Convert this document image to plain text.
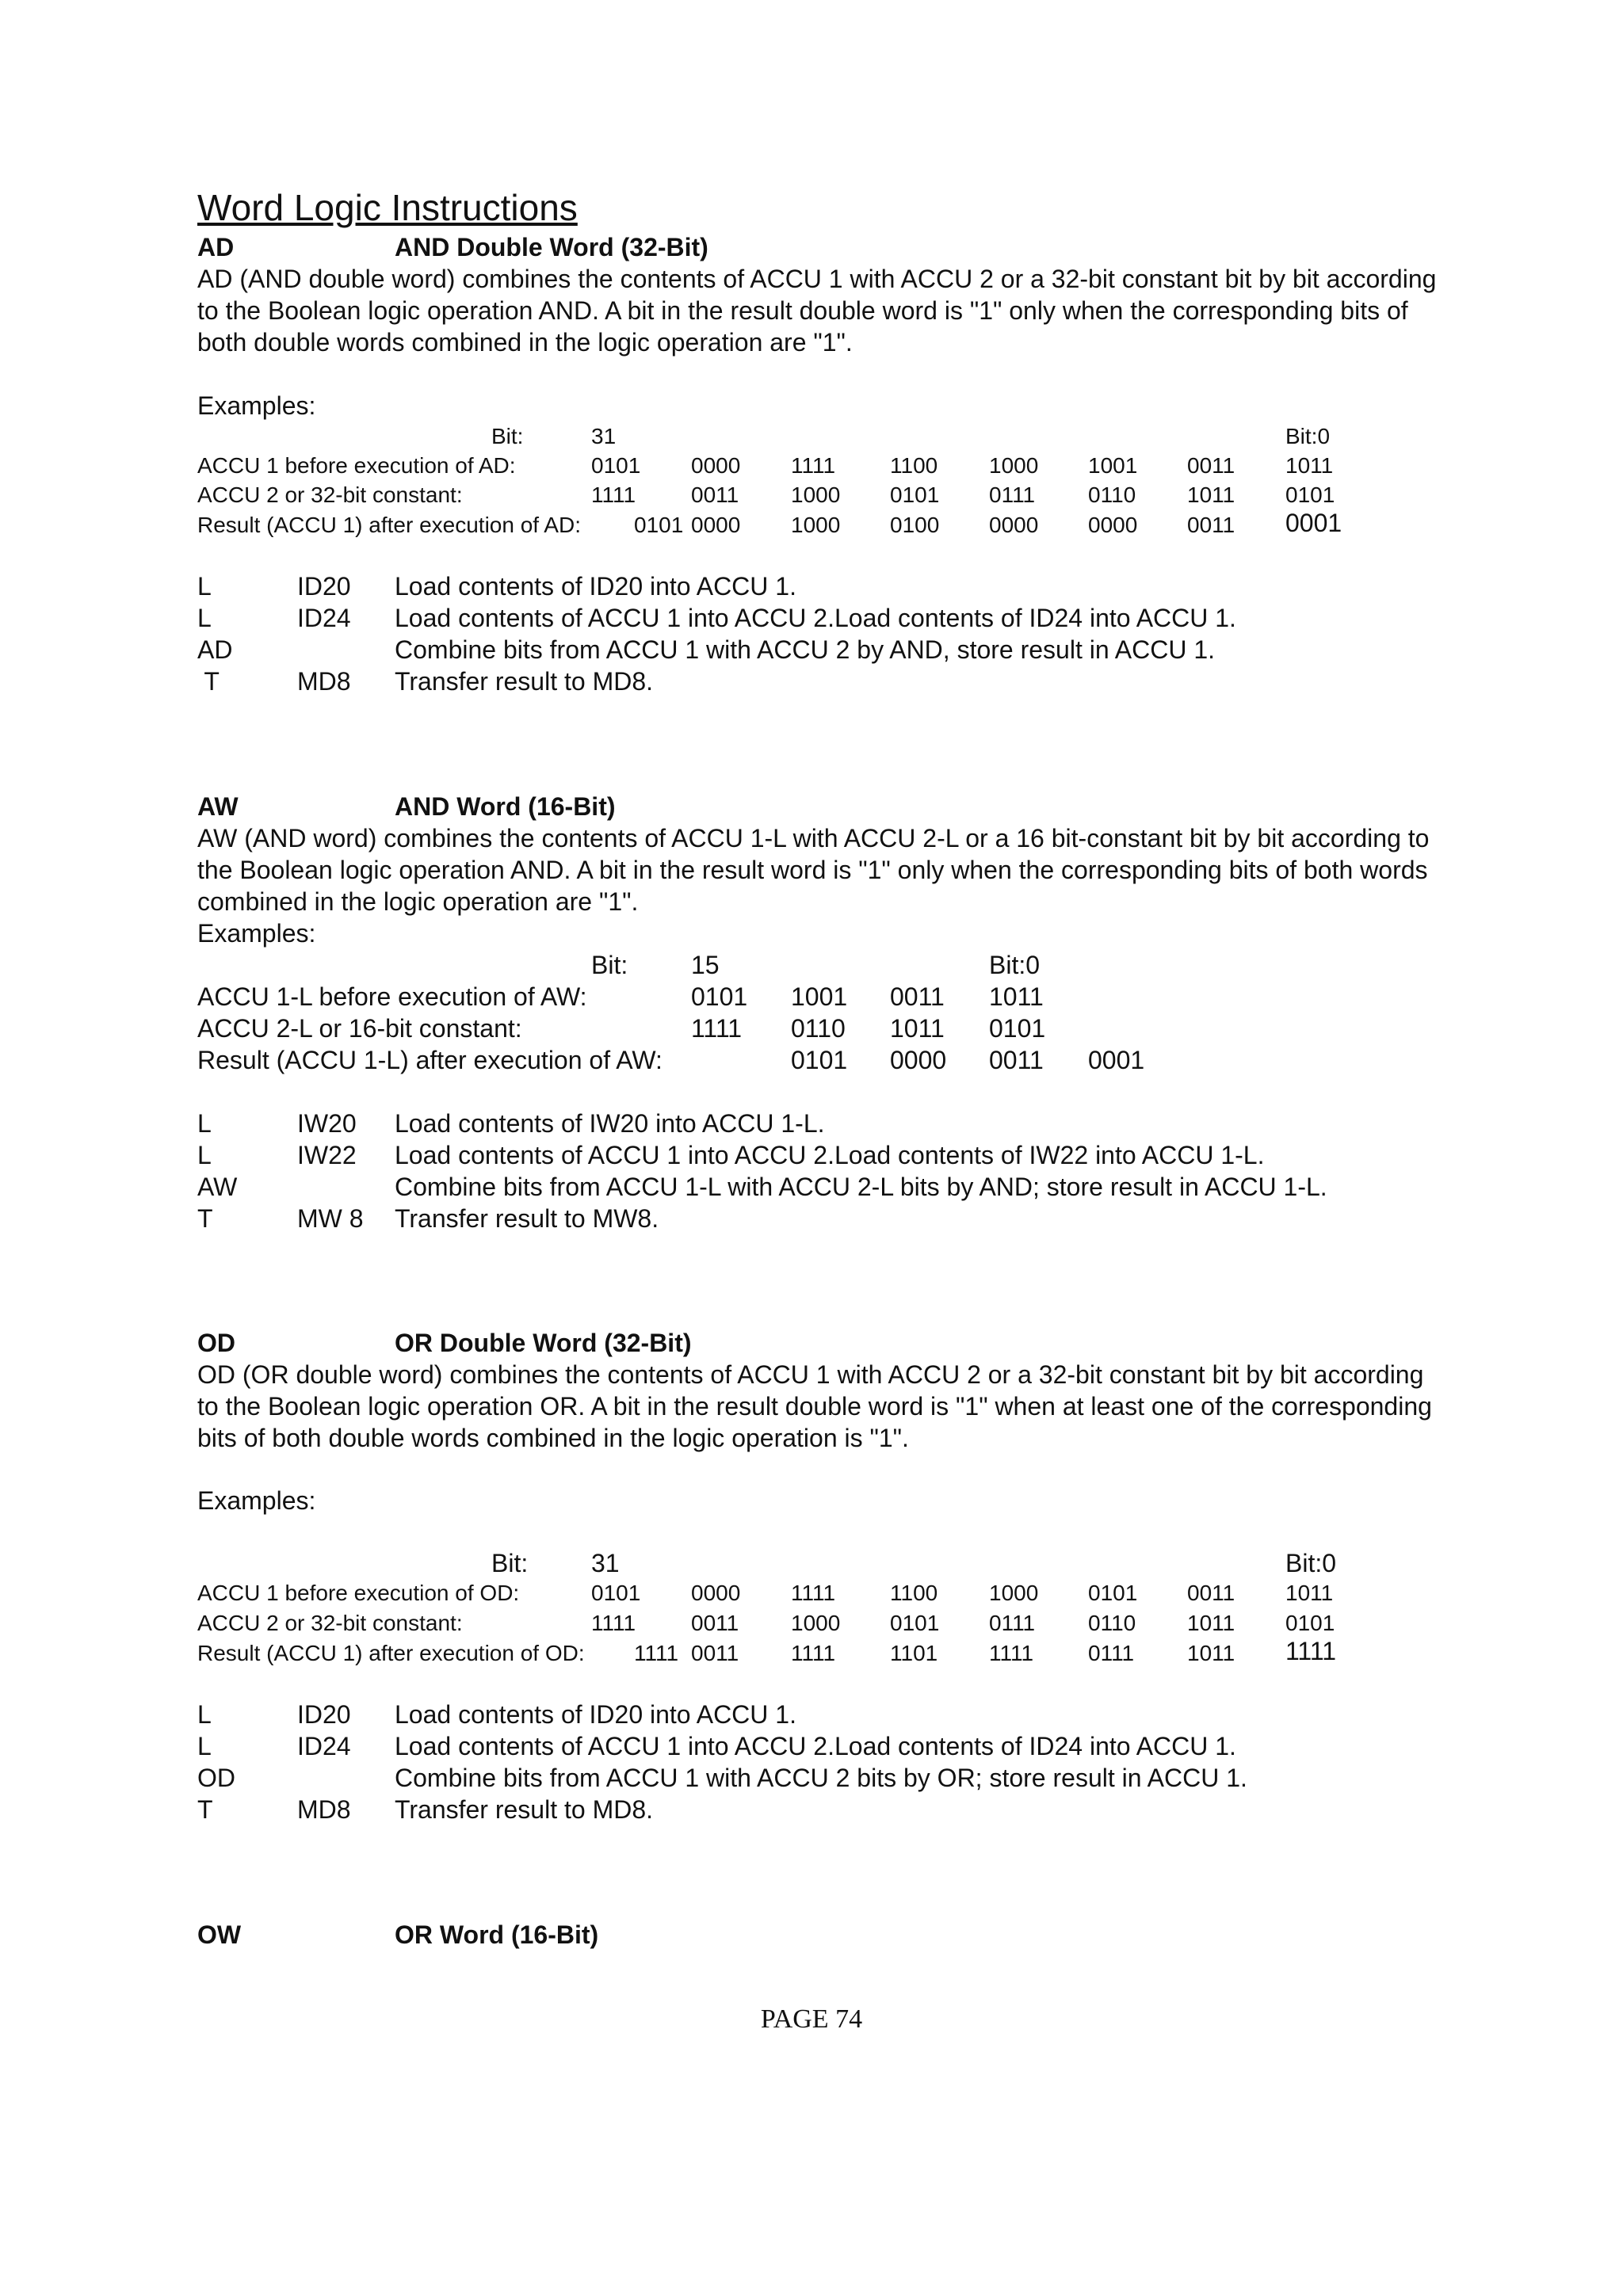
Word Logic Instructions
AD	AND Double Word (32-Bit)
AD (AND double word) combines the contents of ACCU 1 with ACCU 2 or a 32-bit constant bit by bit according to the Boolean logic operation AND. A bit in the result double word is "1" only when the corresponding bits of both double words combined in the logic operation are "1".
Examples:
Bit:	31	Bit:0
ACCU 1 before execution of AD:	0101 0000 1111 1100 1000 1001 0011 1011
ACCU 2 or 32-bit constant:	1111 0011 1000 0101 0111 0110 1011 0101
Result (ACCU 1) after execution of AD: 0101 0000 1000 0100 0000 0000 0011 0001
L	ID20 Load contents of ID20 into ACCU 1.
L	ID24 Load contents of ACCU 1 into ACCU 2.Load contents of ID24 into ACCU 1.
AD	Combine bits from ACCU 1 with ACCU 2 by AND, store result in ACCU 1.
T	MD8 Transfer result to MD8.
AW	AND Word (16-Bit)
AW (AND word) combines the contents of ACCU 1-L with ACCU 2-L or a 16 bit-constant bit by bit according to the Boolean logic operation AND. A bit in the result word is "1" only when the corresponding bits of both words combined in the logic operation are "1".
Examples:
Bit: 15	Bit:0
ACCU 1-L before execution of AW:	0101 1001 0011 1011
ACCU 2-L or 16-bit constant:	1111 0110 1011 0101
Result (ACCU 1-L) after execution of AW:	0101 0000 0011 0001
L	IW20 Load contents of IW20 into ACCU 1-L.
L	IW22 Load contents of ACCU 1 into ACCU 2.Load contents of IW22 into ACCU 1-L.
AW	Combine bits from ACCU 1-L with ACCU 2-L bits by AND; store result in ACCU 1-L.
T	MW 8 Transfer result to MW8.
OD	OR Double Word (32-Bit)
OD (OR double word) combines the contents of ACCU 1 with ACCU 2 or a 32-bit constant bit by bit according to the Boolean logic operation OR. A bit in the result double word is "1" when at least one of the corresponding bits of both double words combined in the logic operation is "1".
Examples:
Bit: 31	Bit:0
ACCU 1 before execution of OD:	0101 0000 1111 1100 1000 0101 0011 1011
ACCU 2 or 32-bit constant:	1111 0011 1000 0101 0111 0110 1011 0101
Result (ACCU 1) after execution of OD: 1111 0011 1111 1101 1111 0111 1011 1111
L	ID20 Load contents of ID20 into ACCU 1.
L	ID24 Load contents of ACCU 1 into ACCU 2.Load contents of ID24 into ACCU 1.
OD	Combine bits from ACCU 1 with ACCU 2 bits by OR; store result in ACCU 1.
T	MD8 Transfer result to MD8.
OW	OR Word (16-Bit)
PAGE 74
